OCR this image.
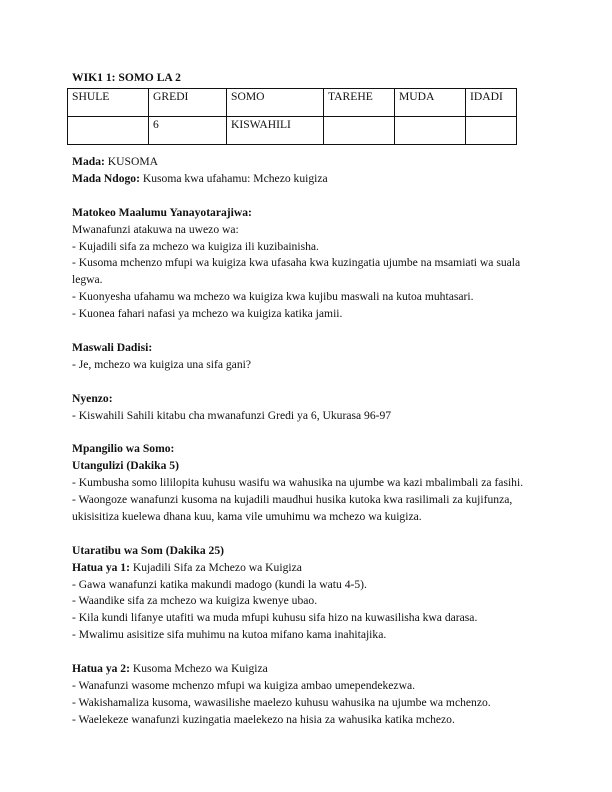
WIK1 1: SOMO LA 2

SHULE	GREDI	SOMO	TAREHE	MUDA	IDADI
	6	KISWAHILI			

Mada: KUSOMA

Mada Ndogo: Kusoma kwa ufahamu: Mchezo kuigiza

Matokeo Maalumu Yanayotarajiwa:

Mwanafunzi atakuwa na uwezo wa:

- Kujadili sifa za mchezo wa kuigiza ili kuzibainisha.

- Kusoma mchenzo mfupi wa kuigiza kwa ufasaha kwa kuzingatia ujumbe na msamiati wa suala legwa.

- Kuonyesha ufahamu wa mchezo wa kuigiza kwa kujibu maswali na kutoa muhtasari.

- Kuonea fahari nafasi ya mchezo wa kuigiza katika jamii.

Maswali Dadisi:

- Je, mchezo wa kuigiza una sifa gani?

Nyenzo:

- Kiswahili Sahili kitabu cha mwanafunzi Gredi ya 6, Ukurasa 96-97

Mpangilio wa Somo:

Utangulizi (Dakika 5)

- Kumbusha somo lililopita kuhusu wasifu wa wahusika na ujumbe wa kazi mbalimbali za fasihi.

- Waongoze wanafunzi kusoma na kujadili maudhui husika kutoka kwa rasilimali za kujifunza, ukisisitiza kuelewa dhana kuu, kama vile umuhimu wa mchezo wa kuigiza.

Utaratibu wa Som (Dakika 25)

Hatua ya 1: Kujadili Sifa za Mchezo wa Kuigiza

- Gawa wanafunzi katika makundi madogo (kundi la watu 4-5).

- Waandike sifa za mchezo wa kuigiza kwenye ubao.

- Kila kundi lifanye utafiti wa muda mfupi kuhusu sifa hizo na kuwasilisha kwa darasa.

- Mwalimu asisitize sifa muhimu na kutoa mifano kama inahitajika.

Hatua ya 2: Kusoma Mchezo wa Kuigiza

- Wanafunzi wasome mchenzo mfupi wa kuigiza ambao umependekezwa.

- Wakishamaliza kusoma, wawasilishe maelezo kuhusu wahusika na ujumbe wa mchenzo.

- Waelekeze wanafunzi kuzingatia maelekezo na hisia za wahusika katika mchezo.
